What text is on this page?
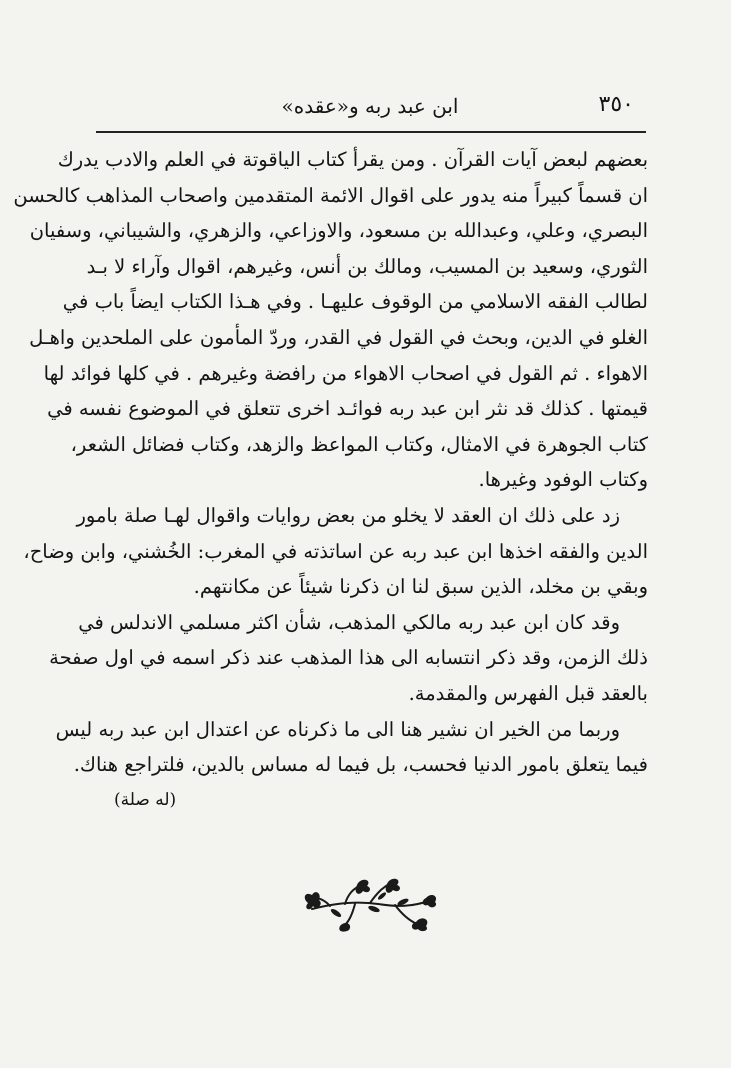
٣٥٠
ابن عبد ربه و«عقده»
بعضهم لبعض آيات القرآن . ومن يقرأ كتاب الياقوتة في العلم والادب يدرك
ان قسماً كبيراً منه يدور على اقوال الائمة المتقدمين واصحاب المذاهب كالحسن
البصري، وعلي، وعبدالله بن مسعود، والاوزاعي، والزهري، والشيباني، وسفيان
الثوري، وسعيد بن المسيب، ومالك بن أنس، وغيرهم، اقوال وآراء لا بـد
لطالب الفقه الاسلامي من الوقوف عليهـا . وفي هـذا الكتاب ايضاً باب في
الغلو في الدين، وبحث في القول في القدر، وردّ المأمون على الملحدين واهـل
الاهواء . ثم القول في اصحاب الاهواء من رافضة وغيرهم . في كلها فوائد لها
قيمتها . كذلك قد نثر ابن عبد ربه فوائـد اخرى تتعلق في الموضوع نفسه في
كتاب الجوهرة في الامثال، وكتاب المواعظ والزهد، وكتاب فضائل الشعر،
وكتاب الوفود وغيرها.
زد على ذلك ان العقد لا يخلو من بعض روايات واقوال لهـا صلة بامور
الدين والفقه اخذها ابن عبد ربه عن اساتذته في المغرب: الخُشني، وابن وضاح،
وبقي بن مخلد، الذين سبق لنا ان ذكرنا شيئاً عن مكانتهم.
وقد كان ابن عبد ربه مالكي المذهب، شأن اكثر مسلمي الاندلس في
ذلك الزمن، وقد ذكر انتسابه الى هذا المذهب عند ذكر اسمه في اول صفحة
بالعقد قبل الفهرس والمقدمة.
وربما من الخير ان نشير هنا الى ما ذكرناه عن اعتدال ابن عبد ربه ليس
فيما يتعلق بامور الدنيا فحسب، بل فيما له مساس بالدين، فلتراجع هناك.
(له صلة)
